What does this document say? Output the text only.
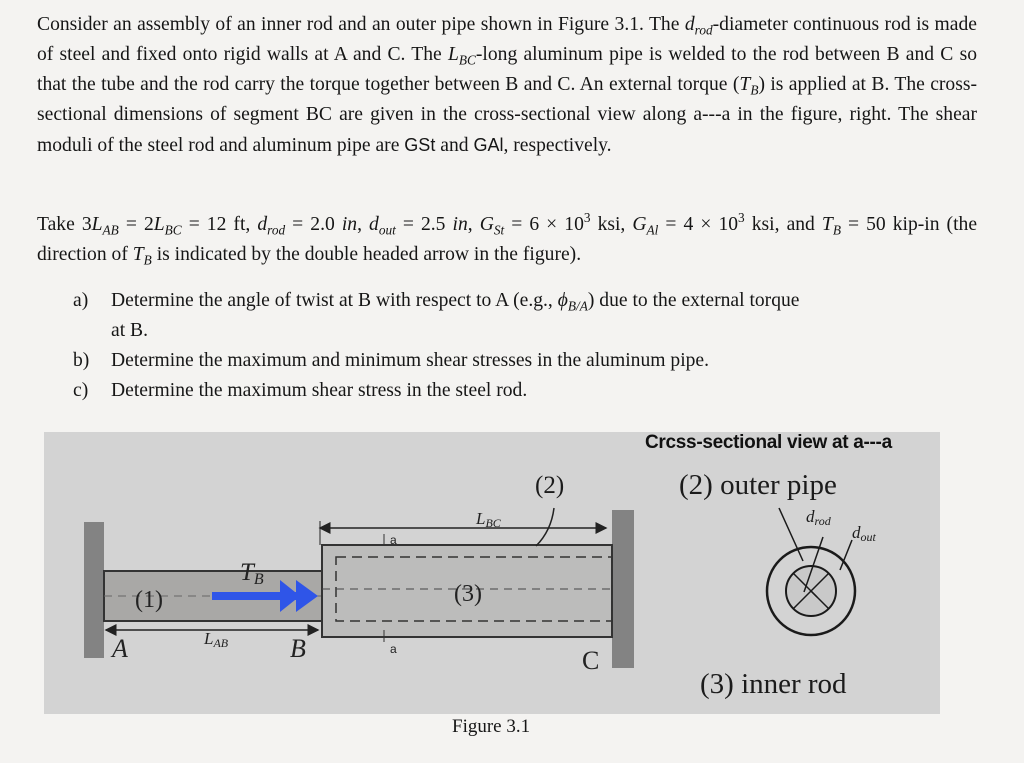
Consider an assembly of an inner rod and an outer pipe shown in Figure 3.1. The $d_{rod}$-diameter continuous rod is made of steel and fixed onto rigid walls at A and C. The $L_{BC}$-long aluminum pipe is welded to the rod between B and C so that the tube and the rod carry the torque together between B and C. An external torque $(T_B)$ is applied at B. The cross-sectional dimensions of segment BC are given in the cross-sectional view along a---a in the figure, right. The shear moduli of the steel rod and aluminum pipe are GSt and GAl, respectively.

Take $3L_{AB} = 2L_{BC} = 12$ ft, $d_{rod} = 2.0$ in, $d_{out} = 2.5$ in, $G_{St} = 6 \times 10^3$ ksi, $G_{Al} = 4 \times 10^3$ ksi, and $T_B = 50$ kip-in (the direction of $T_B$ is indicated by the double headed arrow in the figure).

a) Determine the angle of twist at B with respect to A (e.g., $\phi_{B/A}$) due to the external torque
at B.
b) Determine the maximum and minimum shear stresses in the aluminum pipe.
c) Determine the maximum shear stress in the steel rod.
(2)
(1)	(3)
LBC
LAB
TB
A	B	C
a
a
(2) outer pipe
(3) inner rod
drod
dout
Crcss-sectional view at a---a
Figure 3.1
